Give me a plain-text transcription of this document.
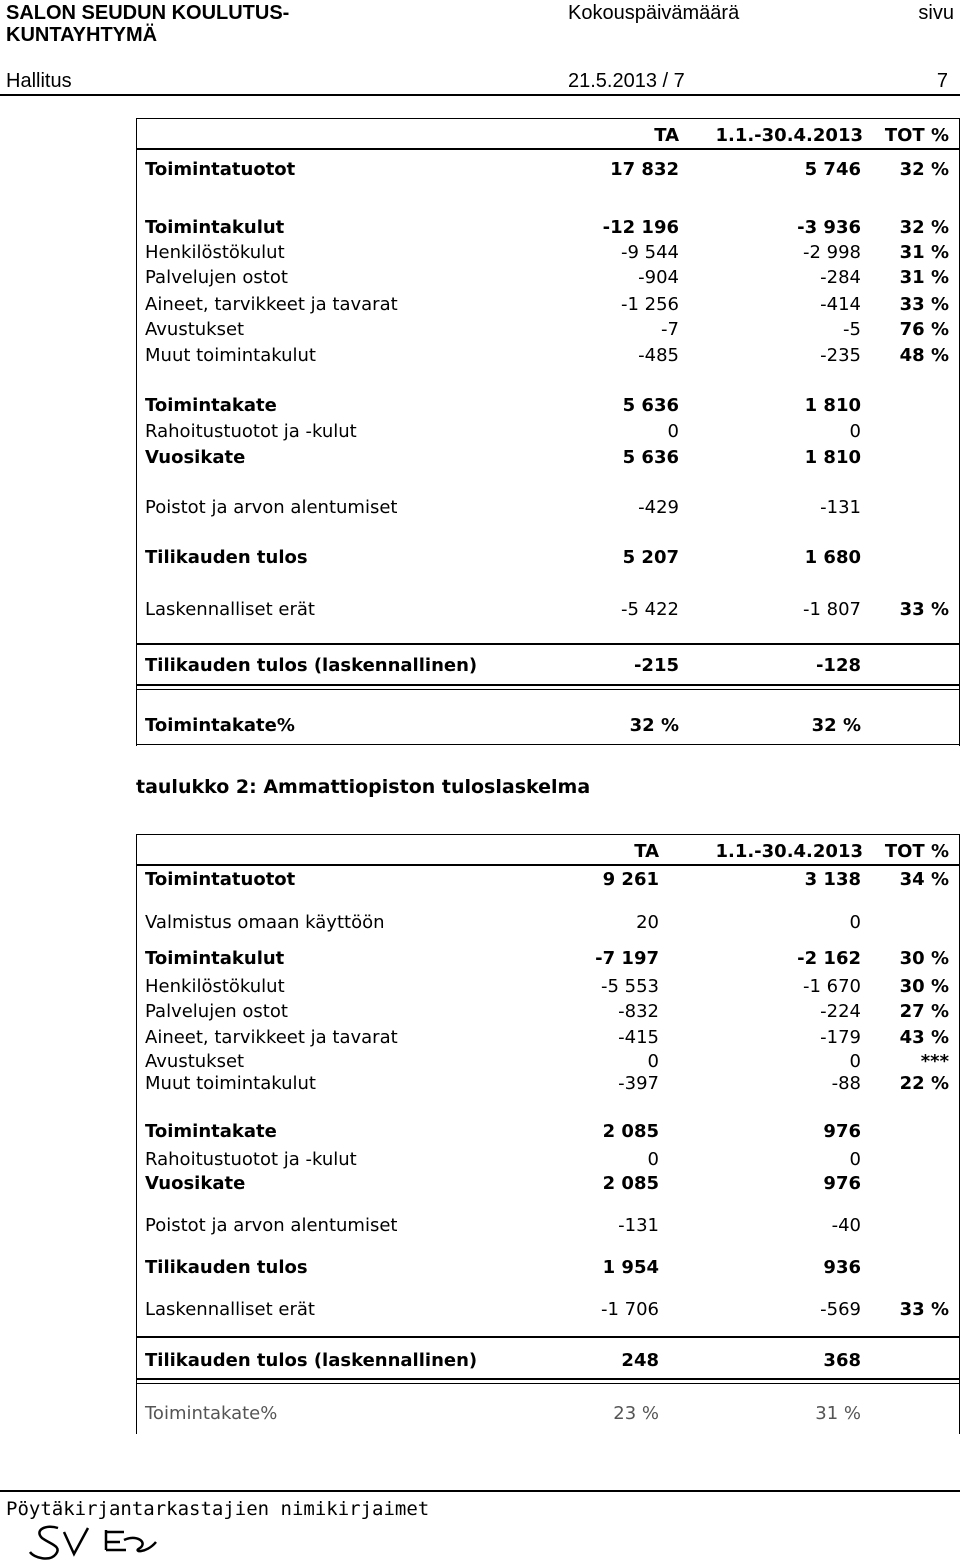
SALON SEUDUN KOULUTUS-
KUNTAYHTYMÄ
Kokouspäivämäärä	sivu
Hallitus	21.5.2013 / 7	7
TA 1.1.-30.4.2013 TOT %
Toimintatuotot	17 832	5 746 32 %
Toimintakulut	-12 196	-3 936 32 %
Henkilöstökulut	-9 544	-2 998 31 %
Palvelujen ostot	-904	-284 31 %
Aineet, tarvikkeet ja tavarat	-1 256	-414 33 %
Avustukset	-7	-5 76 %
Muut toimintakulut	-485	-235 48 %
Toimintakate	5 636	1 810
Rahoitustuotot ja -kulut	0	0
Vuosikate	5 636	1 810
Poistot ja arvon alentumiset	-429	-131
Tilikauden tulos	5 207	1 680
Laskennalliset erät	-5 422	-1 807 33 %
Tilikauden tulos (laskennallinen)	-215	-128
Toimintakate%	32 %	32 %
taulukko 2: Ammattiopiston tuloslaskelma
TA	1.1.-30.4.2013 TOT %
Toimintatuotot	9 261	3 138 34 %
Valmistus omaan käyttöön	20	0
Toimintakulut	-7 197	-2 162 30 %
Henkilöstökulut	-5 553	-1 670 30 %
Palvelujen ostot	-832	-224 27 %
Aineet, tarvikkeet ja tavarat	-415	-179 43 %
Avustukset	0	0	***
Muut toimintakulut	-397	-88 22 %
Toimintakate	2 085	976
Rahoitustuotot ja -kulut	0	0
Vuosikate	2 085	976
Poistot ja arvon alentumiset	-131	-40
Tilikauden tulos	1 954	936
Laskennalliset erät	-1 706	-569 33 %
Tilikauden tulos (laskennallinen)	248	368
Toimintakate%	23 %	31 %
Pöytäkirjantarkastajien nimikirjaimet
